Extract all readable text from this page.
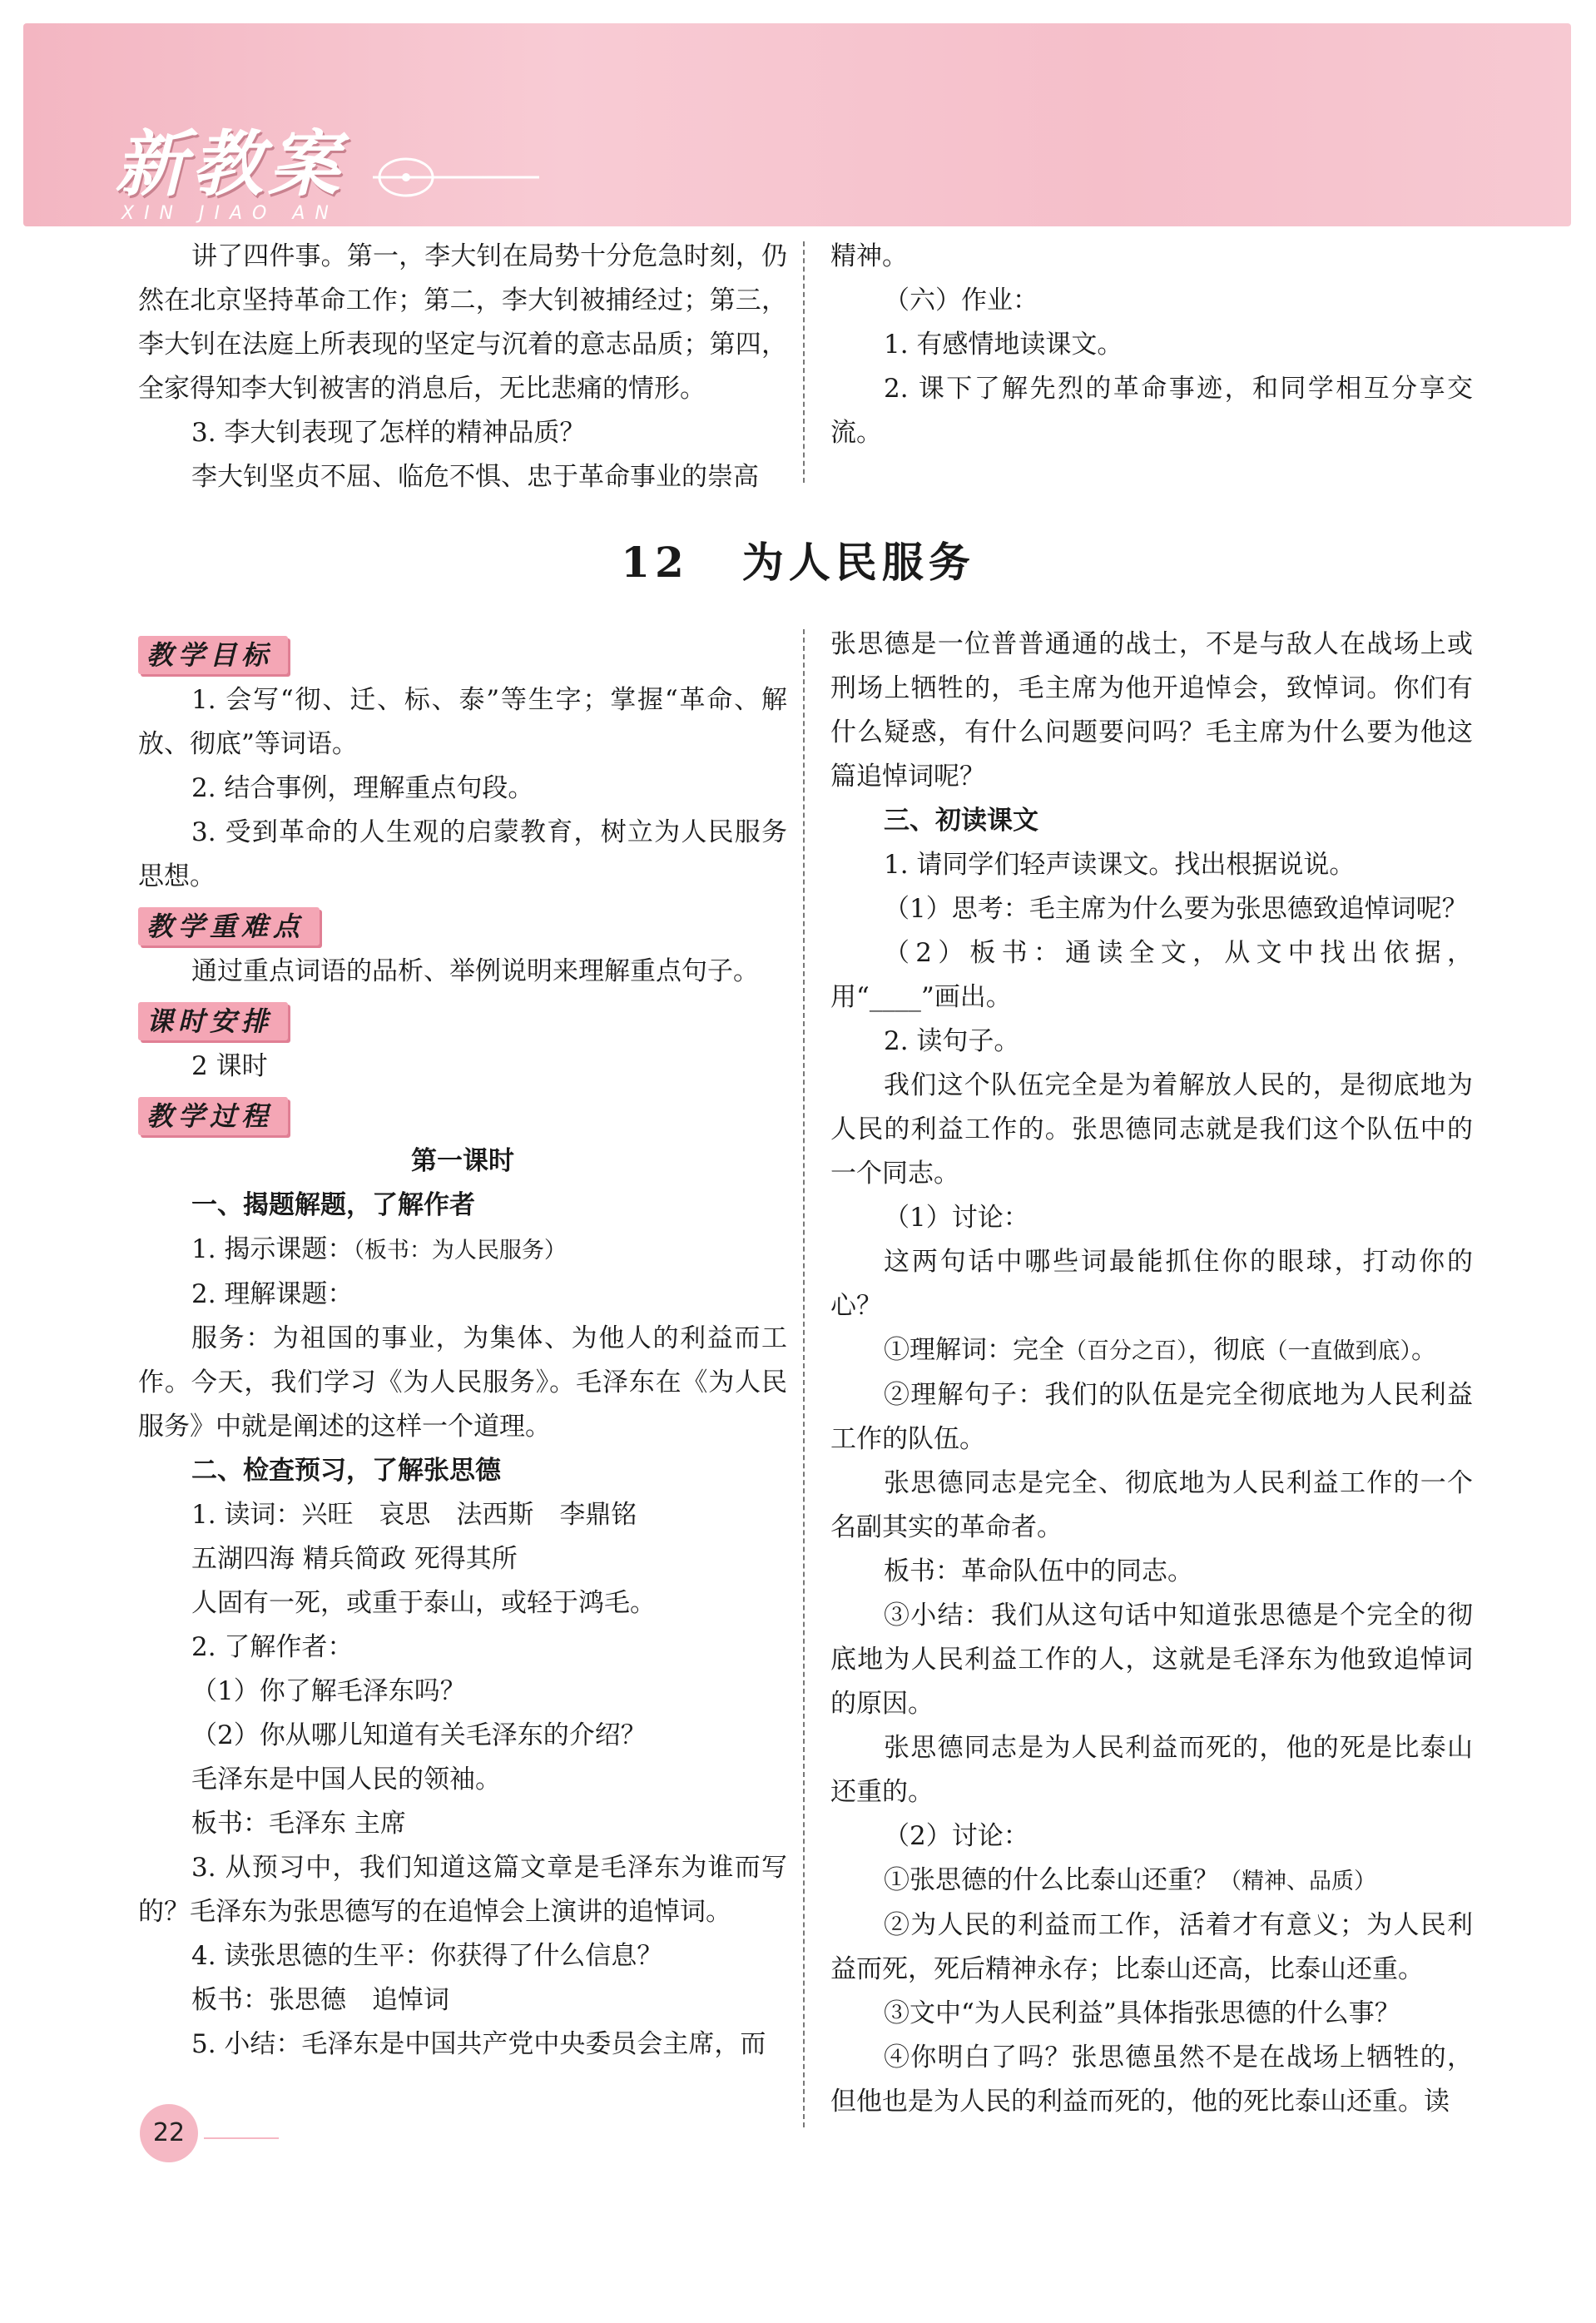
新教案
XIN JIAO AN

讲了四件事。第一，李大钊在局势十分危急时刻，仍然在北京坚持革命工作；第二，李大钊被捕经过；第三，李大钊在法庭上所表现的坚定与沉着的意志品质；第四，全家得知李大钊被害的消息后，无比悲痛的情形。

3. 李大钊表现了怎样的精神品质？

李大钊坚贞不屈、临危不惧、忠于革命事业的崇高

精神。

（六）作业：

1. 有感情地读课文。

2. 课下了解先烈的革命事迹，和同学相互分享交流。

12 为人民服务
教学目标

1. 会写“彻、迁、标、泰”等生字；掌握“革命、解放、彻底”等词语。

2. 结合事例，理解重点句段。

3. 受到革命的人生观的启蒙教育，树立为人民服务思想。

教学重难点

通过重点词语的品析、举例说明来理解重点句子。

课时安排

2 课时

教学过程

第一课时

一、揭题解题，了解作者

1. 揭示课题：（板书：为人民服务）

2. 理解课题：

服务：为祖国的事业，为集体、为他人的利益而工作。今天，我们学习《为人民服务》。毛泽东在《为人民服务》中就是阐述的这样一个道理。

二、检查预习，了解张思德

1. 读词：兴旺　哀思　法西斯　李鼎铭

五湖四海 精兵简政 死得其所

人固有一死，或重于泰山，或轻于鸿毛。

2. 了解作者：

（1）你了解毛泽东吗？

（2）你从哪儿知道有关毛泽东的介绍？

毛泽东是中国人民的领袖。

板书：毛泽东 主席

3. 从预习中，我们知道这篇文章是毛泽东为谁而写的？毛泽东为张思德写的在追悼会上演讲的追悼词。

4. 读张思德的生平：你获得了什么信息？

板书：张思德　追悼词

5. 小结：毛泽东是中国共产党中央委员会主席，而

张思德是一位普普通通的战士，不是与敌人在战场上或刑场上牺牲的，毛主席为他开追悼会，致悼词。你们有什么疑惑，有什么问题要问吗？毛主席为什么要为他这篇追悼词呢？

三、初读课文

1. 请同学们轻声读课文。找出根据说说。

（1）思考：毛主席为什么要为张思德致追悼词呢？

（2）板书：通读全文，从文中找出依据，用“____”画出。

2. 读句子。

我们这个队伍完全是为着解放人民的，是彻底地为人民的利益工作的。张思德同志就是我们这个队伍中的一个同志。

（1）讨论：

这两句话中哪些词最能抓住你的眼球，打动你的心？

①理解词：完全（百分之百），彻底（一直做到底）。

②理解句子：我们的队伍是完全彻底地为人民利益工作的队伍。

张思德同志是完全、彻底地为人民利益工作的一个名副其实的革命者。

板书：革命队伍中的同志。

③小结：我们从这句话中知道张思德是个完全的彻底地为人民利益工作的人，这就是毛泽东为他致追悼词的原因。

张思德同志是为人民利益而死的，他的死是比泰山还重的。

（2）讨论：

①张思德的什么比泰山还重？（精神、品质）

②为人民的利益而工作，活着才有意义；为人民利益而死，死后精神永存；比泰山还高，比泰山还重。

③文中“为人民利益”具体指张思德的什么事？

④你明白了吗？张思德虽然不是在战场上牺牲的，但他也是为人民的利益而死的，他的死比泰山还重。读

22
